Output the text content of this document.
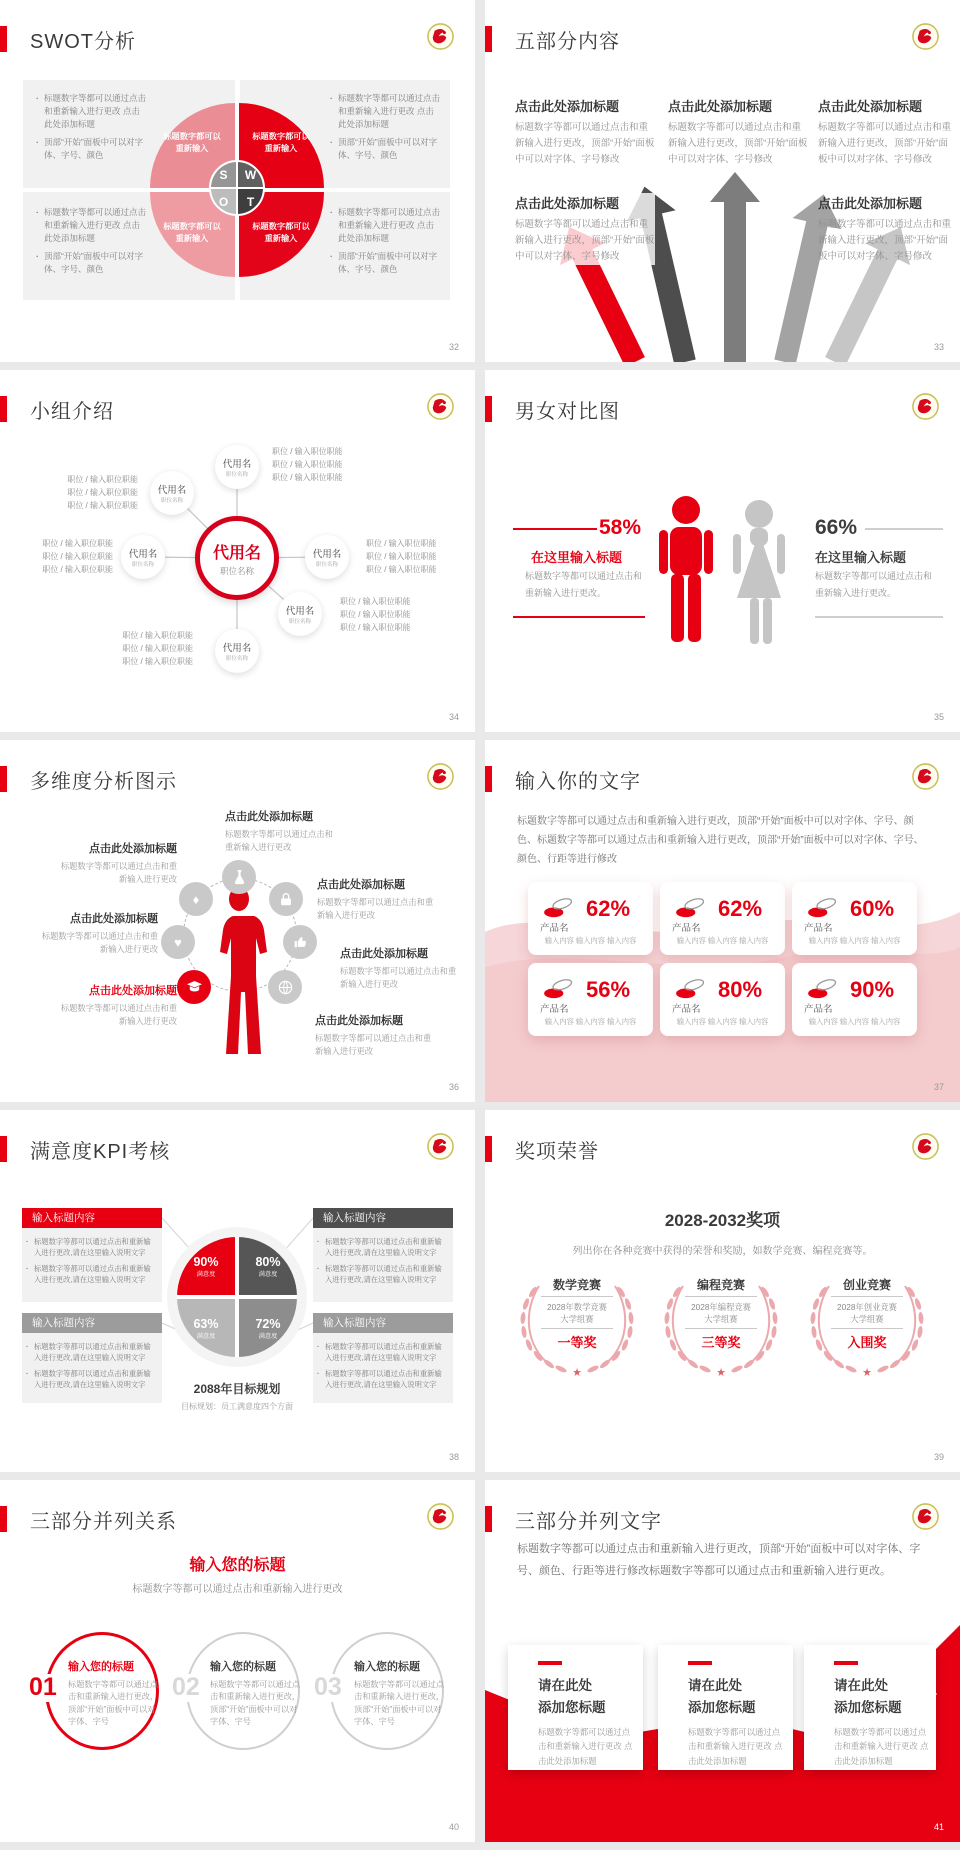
SWOT分析
· 标题数字等都可以通过点击和重新输入进行更改 点击此处添加标题
· 顶部“开始”面板中可以对字体、字号、颜色
· 标题数字等都可以通过点击和重新输入进行更改 点击此处添加标题
· 顶部“开始”面板中可以对字体、字号、颜色
· 标题数字等都可以通过点击和重新输入进行更改 点击此处添加标题
· 顶部“开始”面板中可以对字体、字号、颜色
· 标题数字等都可以通过点击和重新输入进行更改 点击此处添加标题
· 顶部“开始”面板中可以对字体、字号、颜色
标题数字都可以重新输入
标题数字都可以重新输入
标题数字都可以重新输入
标题数字都可以重新输入
S	W
O	T
32
五部分内容
点击此处添加标题
标题数字等都可以通过点击和重新输入进行更改，顶部“开始”面板中可以对字体、字号修改
点击此处添加标题
标题数字等都可以通过点击和重新输入进行更改，顶部“开始”面板中可以对字体、字号修改
点击此处添加标题
标题数字等都可以通过点击和重新输入进行更改，顶部“开始”面板中可以对字体、字号修改
点击此处添加标题
标题数字等都可以通过点击和重新输入进行更改，顶部“开始”面板中可以对字体、字号修改
点击此处添加标题
标题数字等都可以通过点击和重新输入进行更改，顶部“开始”面板中可以对字体、字号修改
33
小组介绍
代用名
职位名称
代用名
职位名称
代用名
职位名称
代用名
职位名称
代用名
职位名称
代用名
职位名称
代用名
职位名称
职位 / 输入职位职能
职位 / 输入职位职能
职位 / 输入职位职能
职位 / 输入职位职能
职位 / 输入职位职能
职位 / 输入职位职能
职位 / 输入职位职能
职位 / 输入职位职能
职位 / 输入职位职能
职位 / 输入职位职能
职位 / 输入职位职能
职位 / 输入职位职能
职位 / 输入职位职能
职位 / 输入职位职能
职位 / 输入职位职能
职位 / 输入职位职能
职位 / 输入职位职能
职位 / 输入职位职能
34
男女对比图
58%
在这里输入标题
标题数字等都可以通过点击和重新输入进行更改。
66%
在这里输入标题
标题数字等都可以通过点击和重新输入进行更改。
35
多维度分析图示
♦
♥
点击此处添加标题
标题数字等都可以通过点击和重新输入进行更改
点击此处添加标题
标题数字等都可以通过点击和重新输入进行更改
点击此处添加标题
标题数字等都可以通过点击和重新输入进行更改
点击此处添加标题
标题数字等都可以通过点击和重新输入进行更改
点击此处添加标题
标题数字等都可以通过点击和重新输入进行更改
点击此处添加标题
标题数字等都可以通过点击和重新输入进行更改
点击此处添加标题
标题数字等都可以通过点击和重新输入进行更改
36
输入你的文字
标题数字等都可以通过点击和重新输入进行更改，顶部“开始”面板中可以对字体、字号、颜色、标题数字等都可以通过点击和重新输入进行更改，顶部“开始”面板中可以对字体、字号、颜色、行距等进行修改
产品名
62%
输入内容 输入内容 输入内容
产品名
62%
输入内容 输入内容 输入内容
产品名
60%
输入内容 输入内容 输入内容
产品名
56%
输入内容 输入内容 输入内容
产品名
80%
输入内容 输入内容 输入内容
产品名
90%
输入内容 输入内容 输入内容
37
满意度KPI考核
输入标题内容
· 标题数字等都可以通过点击和重新输入进行更改,请在这里输入说明文字
· 标题数字等都可以通过点击和重新输入进行更改,请在这里输入说明文字
输入标题内容
· 标题数字等都可以通过点击和重新输入进行更改,请在这里输入说明文字
· 标题数字等都可以通过点击和重新输入进行更改,请在这里输入说明文字
输入标题内容
· 标题数字等都可以通过点击和重新输入进行更改,请在这里输入说明文字
· 标题数字等都可以通过点击和重新输入进行更改,请在这里输入说明文字
输入标题内容
· 标题数字等都可以通过点击和重新输入进行更改,请在这里输入说明文字
· 标题数字等都可以通过点击和重新输入进行更改,请在这里输入说明文字
90%
满意度
80%
满意度
63%
满意度
72%
满意度
2088年目标规划
目标规划：员工满意度四个方面
38
奖项荣誉
2028-2032奖项
列出你在各种竞赛中获得的荣誉和奖励，如数学竞赛、编程竞赛等。
★
数学竞赛
2028年数学竞赛
大学组赛
一等奖
★
编程竞赛
2028年编程竞赛
大学组赛
三等奖
★
创业竞赛
2028年创业竞赛
大学组赛
入围奖
39
三部分并列关系
输入您的标题
标题数字等都可以通过点击和重新输入进行更改
01	02	03
输入您的标题
标题数字等都可以通过点击和重新输入进行更改，顶部“开始”面板中可以对字体、字号
输入您的标题
标题数字等都可以通过点击和重新输入进行更改，顶部“开始”面板中可以对字体、字号
输入您的标题
标题数字等都可以通过点击和重新输入进行更改，顶部“开始”面板中可以对字体、字号
40
三部分并列文字
标题数字等都可以通过点击和重新输入进行更改，顶部“开始”面板中可以对字体、字号、颜色、行距等进行修改标题数字等都可以通过点击和重新输入进行更改。
请在此处
添加您标题
标题数字等都可以通过点击和重新输入进行更改 点击此处添加标题
请在此处
添加您标题
标题数字等都可以通过点击和重新输入进行更改 点击此处添加标题
请在此处
添加您标题
标题数字等都可以通过点击和重新输入进行更改 点击此处添加标题
41
